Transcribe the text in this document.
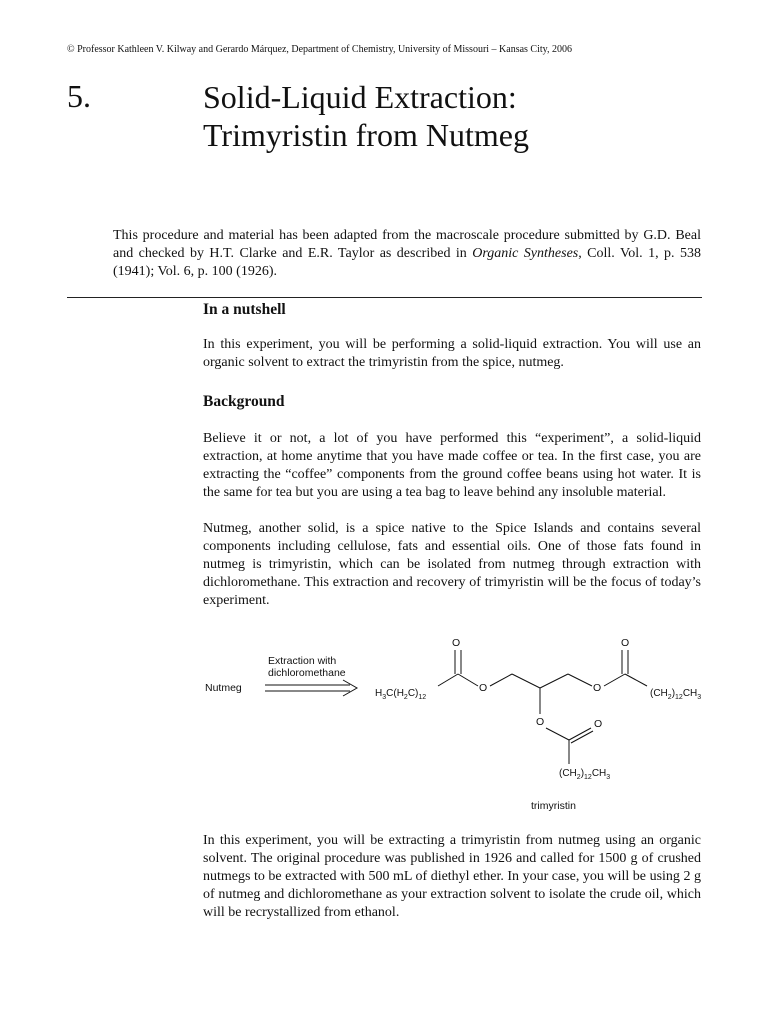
© Professor Kathleen V. Kilway and Gerardo Márquez, Department of Chemistry, University of Missouri – Kansas City, 2006
5.	Solid-Liquid Extraction:
Trimyristin from Nutmeg
This procedure and material has been adapted from the macroscale procedure submitted by G.D. Beal and checked by H.T. Clarke and E.R. Taylor as described in Organic Syntheses, Coll. Vol. 1, p. 538 (1941); Vol. 6, p. 100 (1926).
In a nutshell
In this experiment, you will be performing a solid-liquid extraction. You will use an organic solvent to extract the trimyristin from the spice, nutmeg.
Background

Believe it or not, a lot of you have performed this “experiment”, a solid-liquid extraction, at home anytime that you have made coffee or tea. In the first case, you are extracting the “coffee” components from the ground coffee beans using hot water. It is the same for tea but you are using a tea bag to leave behind any insoluble material.

Nutmeg, another solid, is a spice native to the Spice Islands and contains several components including cellulose, fats and essential oils. One of those fats found in nutmeg is trimyristin, which can be isolated from nutmeg through extraction with dichloromethane. This extraction and recovery of trimyristin will be the focus of today’s experiment.

Nutmeg
Extraction with
dichloromethane
O
O	O
O
O	O
$H_3C(H_2C)_{12}$	$(CH_2)_{12}CH_3$
$(CH_2)_{12}CH_3$
trimyristin
In this experiment, you will be extracting a trimyristin from nutmeg using an organic solvent. The original procedure was published in 1926 and called for 1500 g of crushed nutmegs to be extracted with 500 mL of diethyl ether. In your case, you will be using 2 g of nutmeg and dichloromethane as your extraction solvent to isolate the crude oil, which will be recrystallized from ethanol.
